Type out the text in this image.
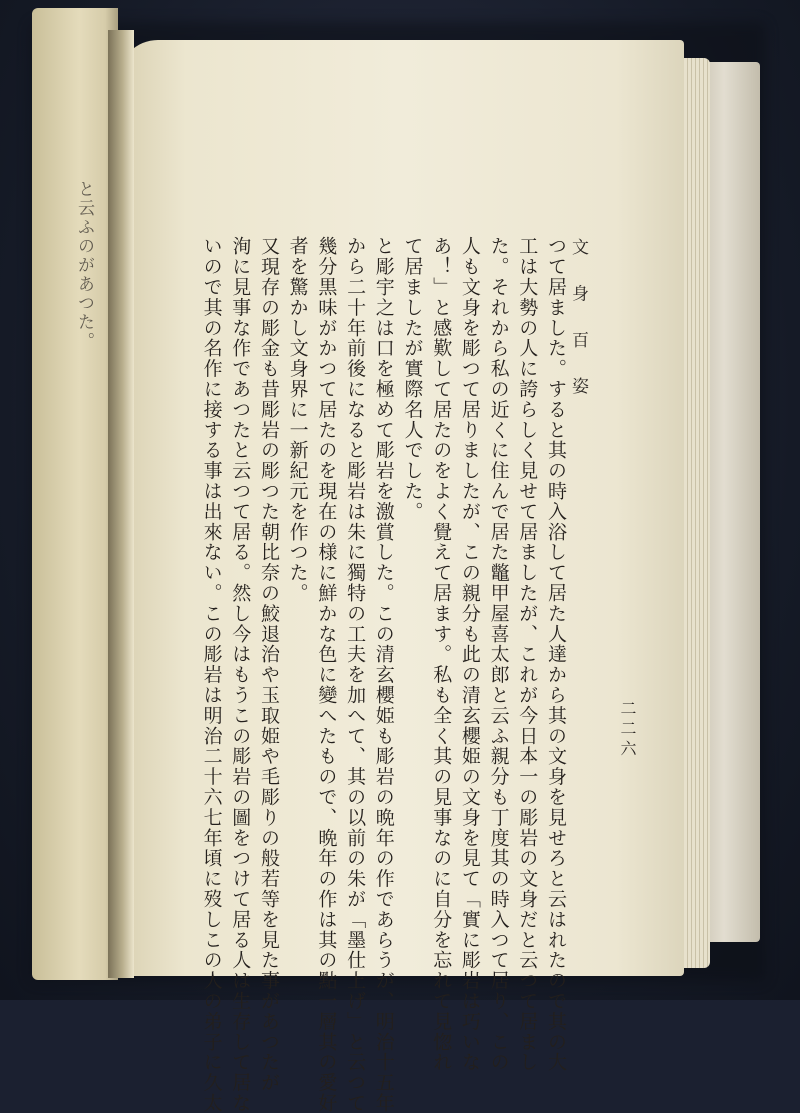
と云ふのがあつた。	文 身 百 姿
二二六
つて居ました。すると其の時入浴して居た人達から其の文身を見せろと云はれたので其の大
工は大勢の人に誇らしく見せて居ましたが、これが今日本一の彫岩の文身だと云つて居まし
た。それから私の近くに住んで居た鼈甲屋喜太郎と云ふ親分も丁度其の時入つて居り、この
人も文身を彫つて居りましたが、この親分も此の清玄櫻姫の文身を見て「實に彫岩は巧いな
あ！」と感歎して居たのをよく覺えて居ます。私も全く其の見事なのに自分を忘れて見惚れ
て居ましたが實際名人でした。
と彫宇之は口を極めて彫岩を激賞した。この清玄櫻姫も彫岩の晩年の作であらうが、明治十五年
から二十年前後になると彫岩は朱に獨特の工夫を加へて、其の以前の朱が「墨仕上げ」と云つて
幾分黒味がかつて居たのを現在の様に鮮かな色に變へたもので、晩年の作は其の點一層其の愛好
者を驚かし文身界に一新紀元を作つた。
又現存の彫金も昔彫岩の彫つた朝比奈の鮫退治や玉取姫や毛彫りの般若等を見た事があつたが
洵に見事な作であつたと云つて居る。然し今はもうこの彫岩の圖をつけて居る人は生存して居な
いので其の名作に接する事は出來ない。この彫岩は明治二十六七年頃に歿しこの人の弟子に久太
